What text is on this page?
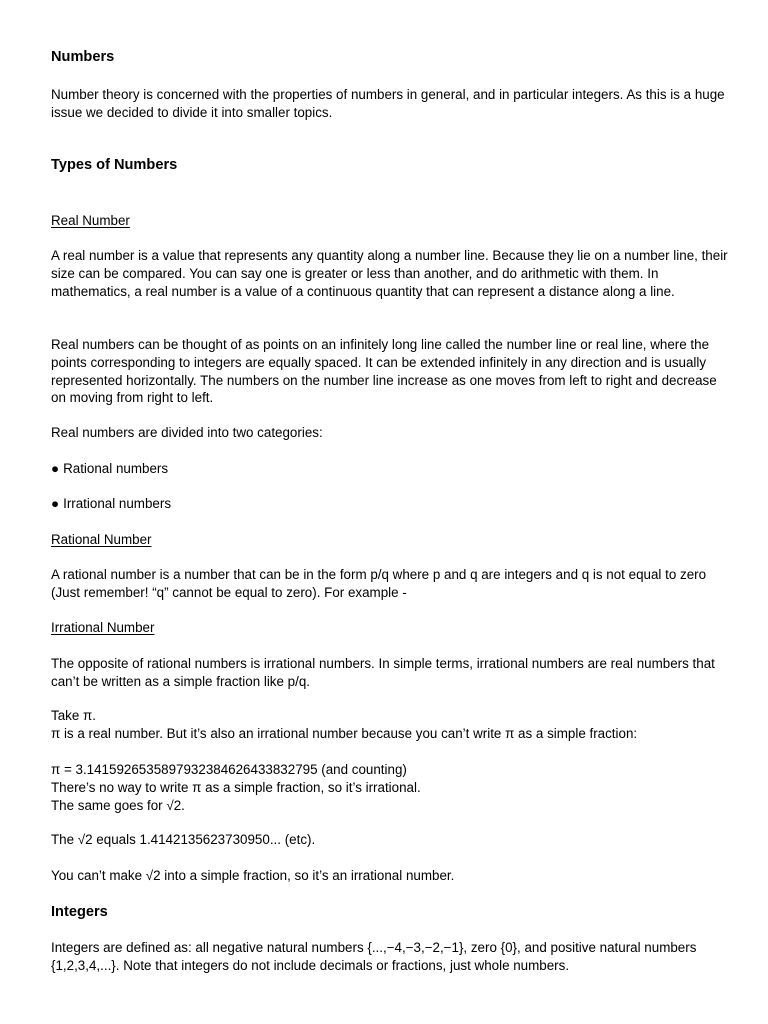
Numbers

Number theory is concerned with the properties of numbers in general, and in particular integers. As this is a huge issue we decided to divide it into smaller topics.

Types of Numbers

Real Number

A real number is a value that represents any quantity along a number line. Because they lie on a number line, their size can be compared. You can say one is greater or less than another, and do arithmetic with them. In mathematics, a real number is a value of a continuous quantity that can represent a distance along a line.

Real numbers can be thought of as points on an infinitely long line called the number line or real line, where the points corresponding to integers are equally spaced. It can be extended infinitely in any direction and is usually represented horizontally. The numbers on the number line increase as one moves from left to right and decrease on moving from right to left.

Real numbers are divided into two categories:

● Rational numbers

● Irrational numbers

Rational Number

A rational number is a number that can be in the form p/q where p and q are integers and q is not equal to zero (Just remember! “q” cannot be equal to zero). For example -

Irrational Number

The opposite of rational numbers is irrational numbers. In simple terms, irrational numbers are real numbers that can’t be written as a simple fraction like p/q.

Take π.
π is a real number. But it’s also an irrational number because you can’t write π as a simple fraction:

π = 3.1415926535897932384626433832795 (and counting)
There’s no way to write π as a simple fraction, so it’s irrational.
The same goes for √2.

The √2 equals 1.4142135623730950... (etc).

You can’t make √2 into a simple fraction, so it’s an irrational number.

Integers

Integers are defined as: all negative natural numbers {...,−4,−3,−2,−1}, zero {0}, and positive natural numbers {1,2,3,4,...}. Note that integers do not include decimals or fractions, just whole numbers.
